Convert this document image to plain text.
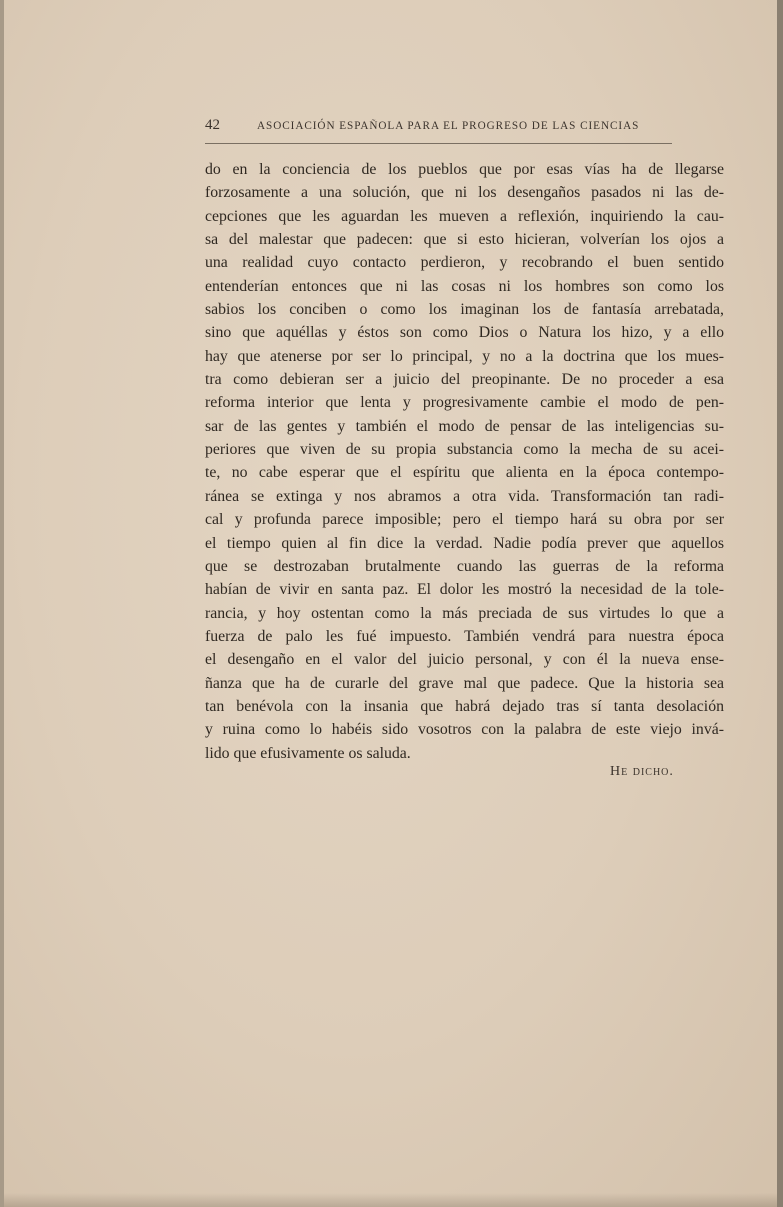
42	ASOCIACIÓN ESPAÑOLA PARA EL PROGRESO DE LAS CIENCIAS
do en la conciencia de los pueblos que por esas vías ha de llegarse
forzosamente a una solución, que ni los desengaños pasados ni las de-
cepciones que les aguardan les mueven a reflexión, inquiriendo la cau-
sa del malestar que padecen: que si esto hicieran, volverían los ojos a
una realidad cuyo contacto perdieron, y recobrando el buen sentido
entenderían entonces que ni las cosas ni los hombres son como los
sabios los conciben o como los imaginan los de fantasía arrebatada,
sino que aquéllas y éstos son como Dios o Natura los hizo, y a ello
hay que atenerse por ser lo principal, y no a la doctrina que los mues-
tra como debieran ser a juicio del preopinante. De no proceder a esa
reforma interior que lenta y progresivamente cambie el modo de pen-
sar de las gentes y también el modo de pensar de las inteligencias su-
periores que viven de su propia substancia como la mecha de su acei-
te, no cabe esperar que el espíritu que alienta en la época contempo-
ránea se extinga y nos abramos a otra vida. Transformación tan radi-
cal y profunda parece imposible; pero el tiempo hará su obra por ser
el tiempo quien al fin dice la verdad. Nadie podía prever que aquellos
que se destrozaban brutalmente cuando las guerras de la reforma
habían de vivir en santa paz. El dolor les mostró la necesidad de la tole-
rancia, y hoy ostentan como la más preciada de sus virtudes lo que a
fuerza de palo les fué impuesto. También vendrá para nuestra época
el desengaño en el valor del juicio personal, y con él la nueva ense-
ñanza que ha de curarle del grave mal que padece. Que la historia sea
tan benévola con la insania que habrá dejado tras sí tanta desolación
y ruina como lo habéis sido vosotros con la palabra de este viejo invá-
lido que efusivamente os saluda.
He dicho.
